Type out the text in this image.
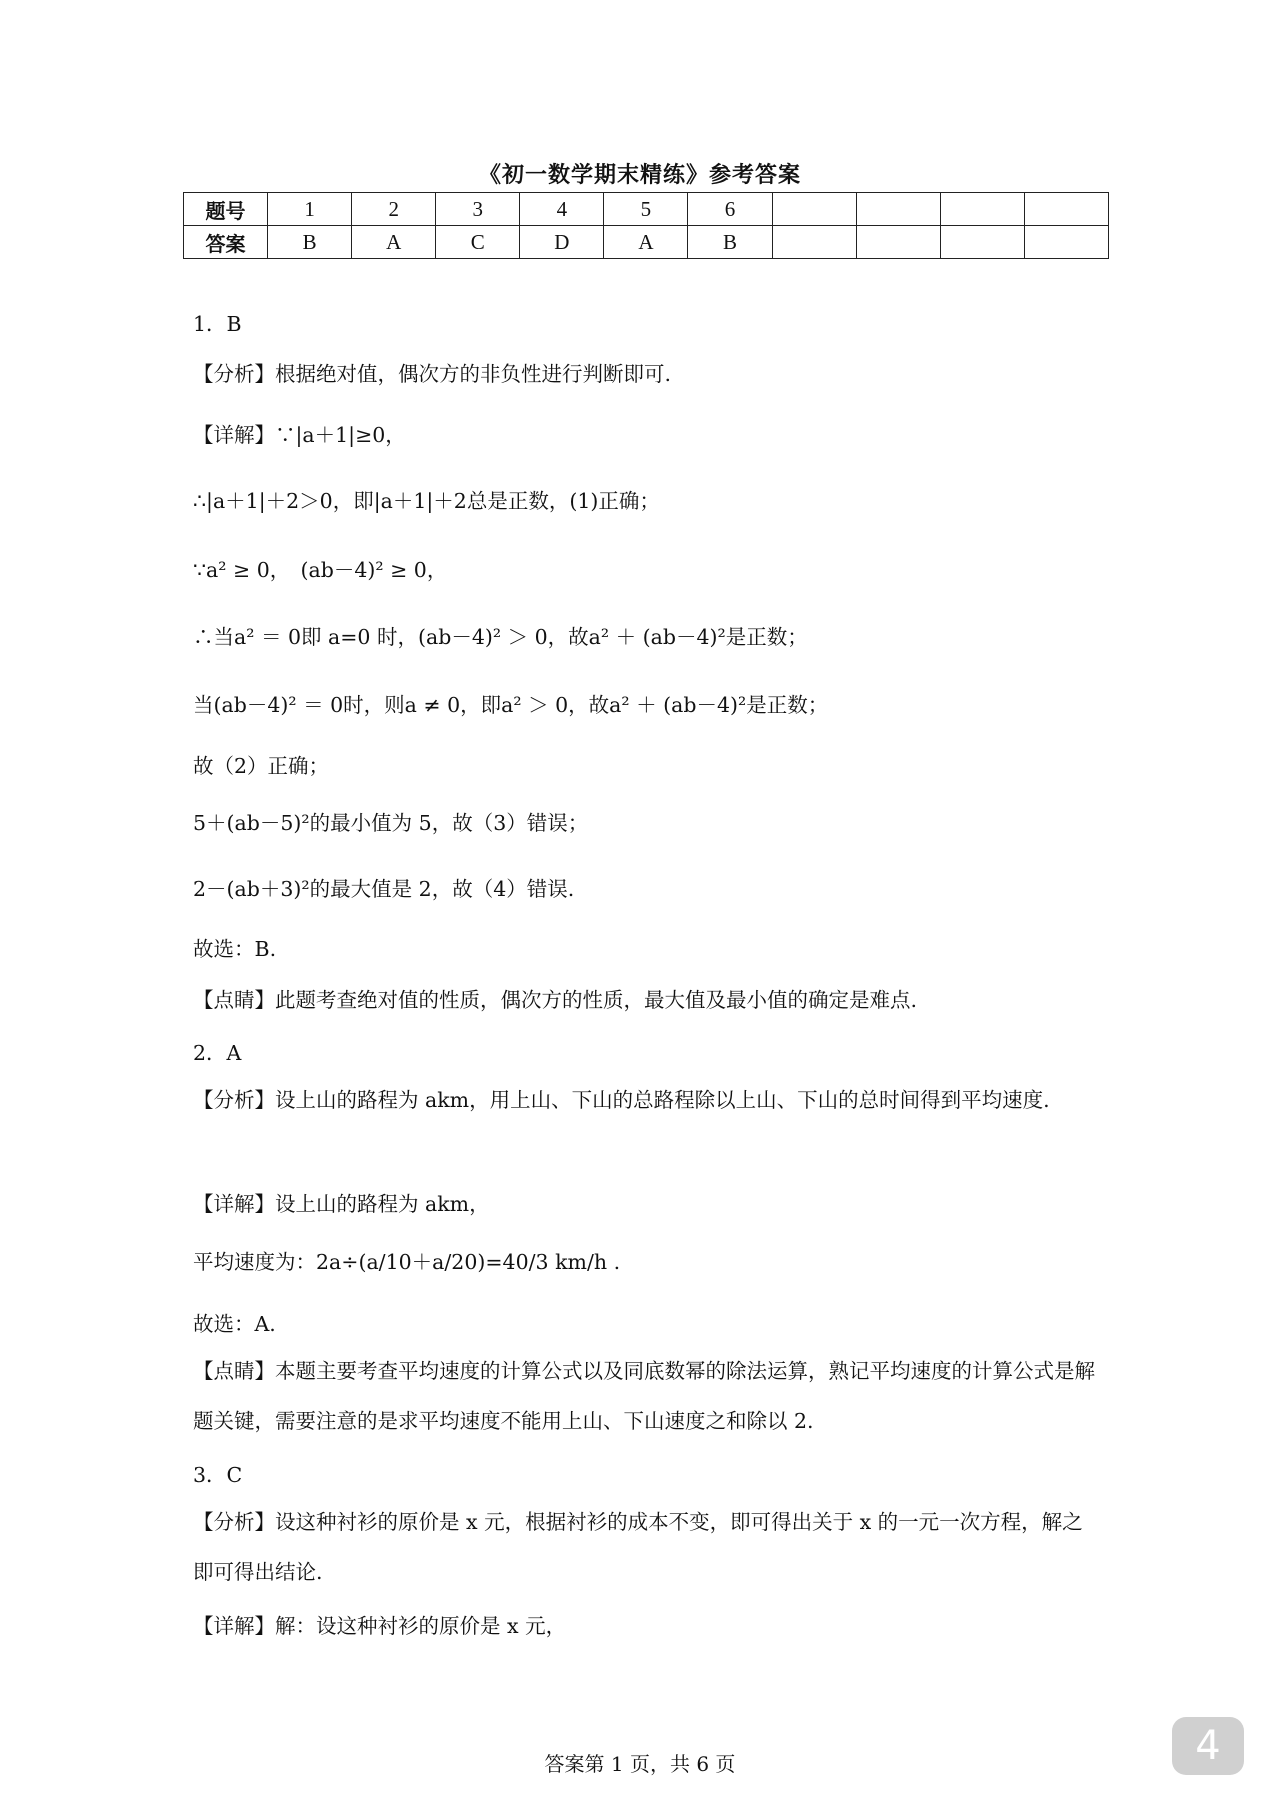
《初一数学期末精练》参考答案
题号	1	2	3	4	5	6				
答案	B	A	C	D	A	B				
1．B
【分析】根据绝对值，偶次方的非负性进行判断即可.
【详解】∵|a＋1|≥0，
∴|a＋1|＋2＞0，即|a＋1|＋2总是正数，(1)正确；
∵a² ≥ 0，　(ab－4)² ≥ 0，
∴当a² ＝ 0即 a=0 时，(ab－4)² ＞ 0，故a² ＋ (ab－4)²是正数；
当(ab－4)² ＝ 0时，则a ≠ 0，即a² ＞ 0，故a² ＋ (ab－4)²是正数；
故（2）正确；
5＋(ab－5)²的最小值为 5，故（3）错误；
2－(ab＋3)²的最大值是 2，故（4）错误.
故选：B.
【点睛】此题考查绝对值的性质，偶次方的性质，最大值及最小值的确定是难点.
2．A
【分析】设上山的路程为 akm，用上山、下山的总路程除以上山、下山的总时间得到平均速度.
【详解】设上山的路程为 akm，
平均速度为：2a÷(a/10＋a/20)=40/3 km/h .
故选：A.
【点睛】本题主要考查平均速度的计算公式以及同底数幂的除法运算，熟记平均速度的计算公式是解题关键，需要注意的是求平均速度不能用上山、下山速度之和除以 2.
3．C
【分析】设这种衬衫的原价是 x 元，根据衬衫的成本不变，即可得出关于 x 的一元一次方程，解之即可得出结论.
【详解】解：设这种衬衫的原价是 x 元，
答案第 1 页，共 6 页	4
